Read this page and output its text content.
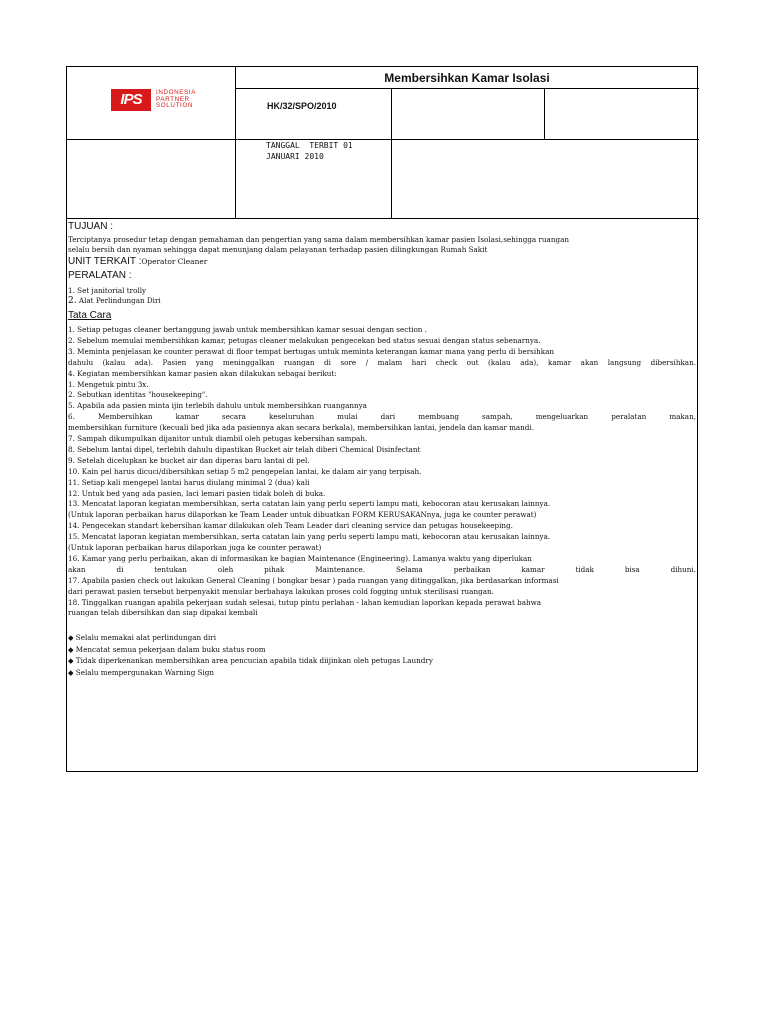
IPS	INDONESIA
PARTNER
SOLUTION
Membersihkan Kamar Isolasi
HK/32/SPO/2010
TANGGAL  TERBIT 01
JANUARI 2010
TUJUAN :
Terciptanya prosedur tetap dengan pemahaman dan pengertian yang sama dalam membersihkan kamar pasien Isolasi,sehingga ruangan
selalu bersih dan nyaman sehingga dapat menunjang dalam pelayanan terhadap pasien dilingkungan Rumah Sakit
UNIT TERKAIT :Operator Cleaner
PERALATAN :
1. Set janitorial trolly
2. Alat Perlindungan Diri
Tata Cara
1. Setiap petugas cleaner bertanggung jawab untuk membersihkan kamar sesuai dengan section .
2. Sebelum memulai membersihkan kamar, petugas cleaner melakukan pengecekan bed status sesuai dengan status sebenarnya.
3. Meminta penjelasan ke counter perawat di floor tempat bertugas untuk meminta keterangan kamar mana yang perlu di bersihkan
dahulu (kalau ada). Pasien yang meninggalkan ruangan di sore / malam hari check out (kalau ada), kamar akan langsung dibersihkan.
4. Kegiatan membersihkan kamar pasien akan dilakukan sebagai berikut:
1. Mengetuk pintu 3x.
2. Sebutkan identitas "housekeeping".
5. Apabila ada pasien minta ijin terlebih dahulu untuk membersihkan ruangannya
6. Membersihkan kamar secara keseluruhan mulai dari membuang sampah, mengeluarkan peralatan makan,
membersihkan furniture (kecuali bed jika ada pasiennya akan secara berkala), membersihkan lantai, jendela dan kamar mandi.
7. Sampah dikumpulkan dijanitor untuk diambil oleh petugas kebersihan sampah.
8. Sebelum lantai dipel, terlebih dahulu dipastikan Bucket air telah diberi Chemical Disinfectant
9. Setelah dicelupkan ke bucket air dan diperas baru lantai di pel.
10. Kain pel harus dicuci/dibersihkan setiap 5 m2 pengepelan lantai, ke dalam air yang terpisah.
11. Setiap kali mengepel lantai harus diulang minimal 2 (dua) kali
12. Untuk bed yang ada pasien, laci lemari pasien tidak boleh di buka.
13. Mencatat laporan kegiatan membersihkan, serta catatan lain yang perlu seperti lampu mati, kebocoran atau kerusakan lainnya.
(Untuk laporan perbaikan harus dilaporkan ke Team Leader untuk dibuatkan FORM KERUSAKANnya, juga ke counter perawat)
14. Pengecekan standart kebersihan kamar dilakukan oleh Team Leader dari cleaning service dan petugas housekeeping.
15. Mencatat laporan kegiatan membersihkan, serta catatan lain yang perlu seperti lampu mati, kebocoran atau kerusakan lainnya.
(Untuk laporan perbaikan harus dilaporkan juga ke counter perawat)
16. Kamar yang perlu perbaikan, akan di informasikan ke bagian Maintenance (Engineering). Lamanya waktu yang diperlukan
akan di tentukan oleh pihak Maintenance. Selama perbaikan kamar tidak bisa dihuni.
17. Apabila pasien check out lakukan General Cleaning ( bongkar besar ) pada ruangan yang ditinggalkan, jika berdasarkan informasi
dari perawat pasien tersebut berpenyakit menular berbahaya lakukan proses cold fogging untuk sterilisasi ruangan.
18. Tinggalkan ruangan apabila pekerjaan sudah selesai, tutup pintu perlahan - lahan kemudian laporkan kepada perawat bahwa
ruangan telah dibersihkan dan siap dipakai kembali
◆ Selalu memakai alat perlindungan diri
◆ Mencatat semua pekerjaan dalam buku status room
◆ Tidak diperkenankan membersihkan area pencucian apabila tidak diijinkan oleh petugas Laundry
◆ Selalu mempergunakan Warning Sign
